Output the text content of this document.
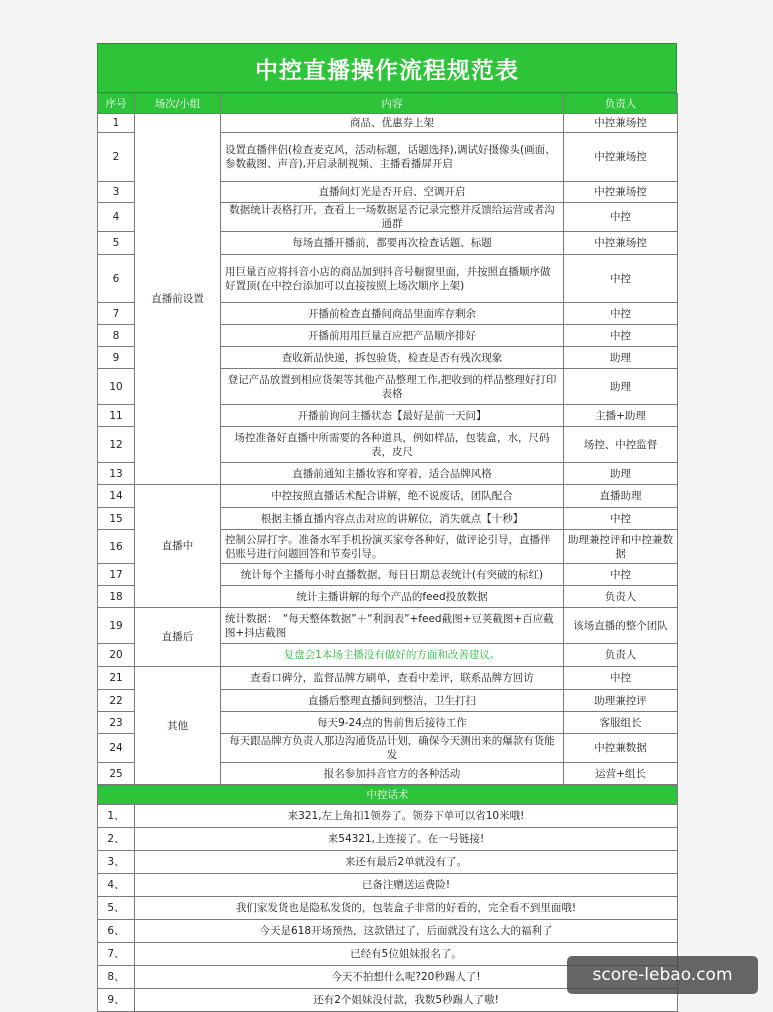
中控直播操作流程规范表
序号	场次/小组	内容	负责人
1	直播前设置	商品、优惠券上架	中控兼场控
2		设置直播伴侣(检查麦克风，活动标题，话题选择),调试好摄像头(画面、参数截图、声音),开启录制视频、主播看播屏开启	中控兼场控
3		直播间灯光是否开启、空调开启	中控兼场控
4		数据统计表格打开，查看上一场数据是否记录完整并反馈给运营或者沟通群	中控
5		每场直播开播前，都要再次检查话题、标题	中控兼场控
6		用巨量百应将抖音小店的商品加到抖音号橱窗里面，并按照直播顺序做好置顶(在中控台添加可以直接按照上场次顺序上架)	中控
7		开播前检查直播间商品里面库存剩余	中控
8		开播前用用巨量百应把产品顺序排好	中控
9		查收新品快递，拆包验货，检查是否有残次现象	助理
10		登记产品放置到相应货架等其他产品整理工作,把收到的样品整理好打印表格	助理
11		开播前询问主播状态【最好是前一天问】	主播+助理
12		场控准备好直播中所需要的各种道具，例如样品，包装盒，水，尺码表，皮尺	场控、中控监督
13		直播前通知主播妆容和穿着，适合品牌风格	助理
14	直播中	中控按照直播话术配合讲解，绝不说废话，团队配合	直播助理
15		根据主播直播内容点击对应的讲解位，消失就点【十秒】	中控
16		控制公屏打字。准备水军手机扮演买家夸各种好，做评论引导，直播伴侣账号进行问题回答和节奏引导。	助理兼控评和中控兼数据
17		统计每个主播每小时直播数据，每日日期总表统计(有突破的标红)	中控
18		统计主播讲解的每个产品的feed投放数据	负责人
19	直播后	统计数据：　“每天整体数据”＋“利润表”+feed截图+豆荚截图+百应截图+抖店截图	该场直播的整个团队
20		复盘会1本场主播没有做好的方面和改善建议。	负责人
21	其他	查看口碑分，监督品牌方刷单，查看中差评，联系品牌方回访	中控
22		直播后整理直播间到整洁，卫生打扫	助理兼控评
23		每天9-24点的售前售后接待工作	客服组长
24		每天跟品牌方负责人那边沟通货品计划，确保今天测出来的爆款有货能发	中控兼数据
25		报名参加抖音官方的各种活动	运营+组长
中控话术	
1、	来321,左上角扣1领券了。领券下单可以省10米哦!
2、	来54321,上连接了。在一号链接!
3、	来还有最后2单就没有了。
4、	已备注赠送运费险!
5、	我们家发货也是隐私发货的，包装盒子非常的好看的，完全看不到里面哦!
6、	今天是618开场预热，这款错过了，后面就没有这么大的福利了
7、	已经有5位姐妹报名了。
8、	今天不拍想什么呢?20秒踢人了!
9、	还有2个姐妹没付款，我数5秒踢人了嗷!
score-lebao.com
